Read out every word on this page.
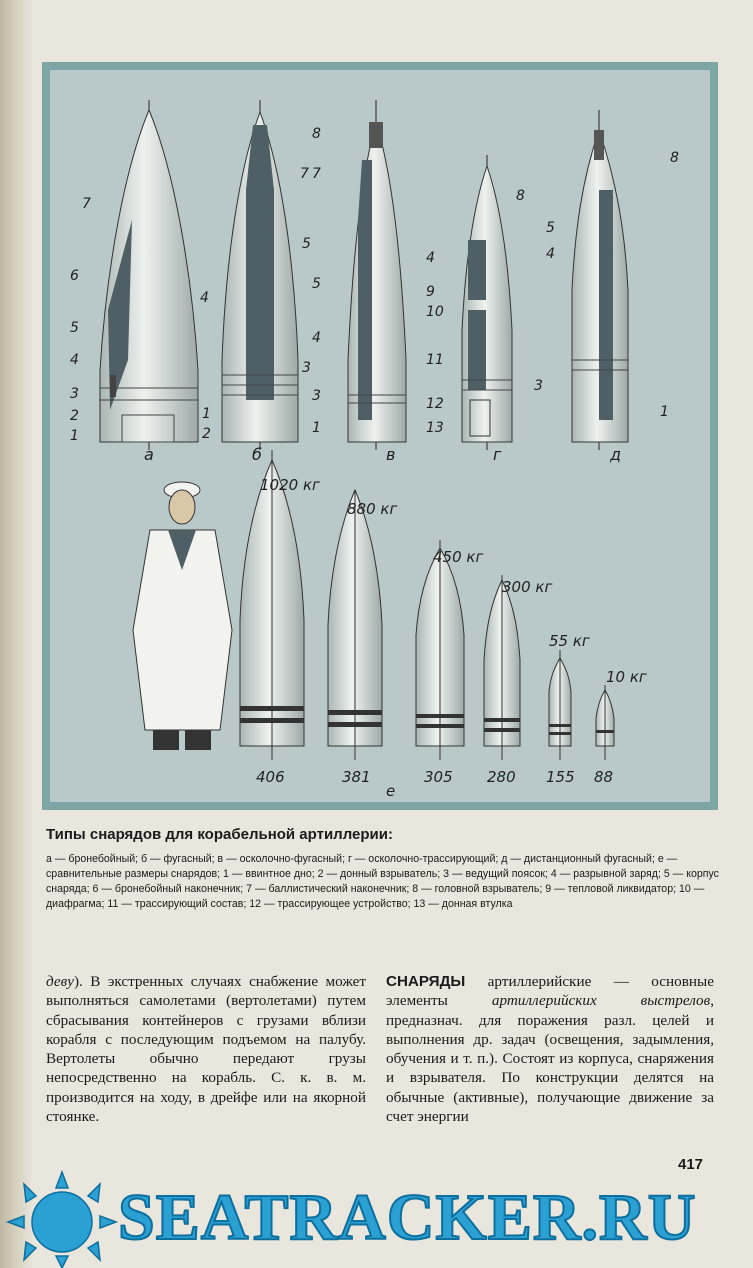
7
6
5
4
3
2
1
7
5
4
3
1
2
8
7
5
4
3
1
8
4
9
10
11
12
13
3
8
5
4
1
а	б	в	г	д
1020 кг
880 кг
450 кг
300 кг
55 кг
10 кг
406	381	305 280 155 88
е
Типы снарядов для корабельной артиллерии:
а — бронебойный; б — фугасный; в — осколочно-фугасный; г — осколочно-трассирующий; д — дистанционный фугасный; е — сравнительные размеры снарядов; 1 — ввинтное дно; 2 — донный взрыватель; 3 — ведущий поясок; 4 — разрывной заряд; 5 — корпус снаряда; 6 — бронебойный наконечник; 7 — баллистический наконечник; 8 — головной взрыватель; 9 — тепловой ликвидатор; 10 — диафрагма; 11 — трассирующий состав; 12 — трассирующее устройство; 13 — донная втулка
деву). В экстренных случаях снабжение может выполняться самолетами (вертолетами) путем сбрасывания контейнеров с грузами вблизи корабля с последующим подъемом на палубу. Вертолеты обычно передают грузы непосредственно на корабль. С. к. в. м. производится на ходу, в дрейфе или на якорной стоянке.
СНАРЯДЫ артиллерийские — основные элементы артиллерийских выстрелов, предназнач. для поражения разл. целей и выполнения др. задач (освещения, задымления, обучения и т. п.). Состоят из корпуса, снаряжения и взрывателя. По конструкции делятся на обычные (активные), получающие движение за счет энергии
417
SEATRACKER.RU
